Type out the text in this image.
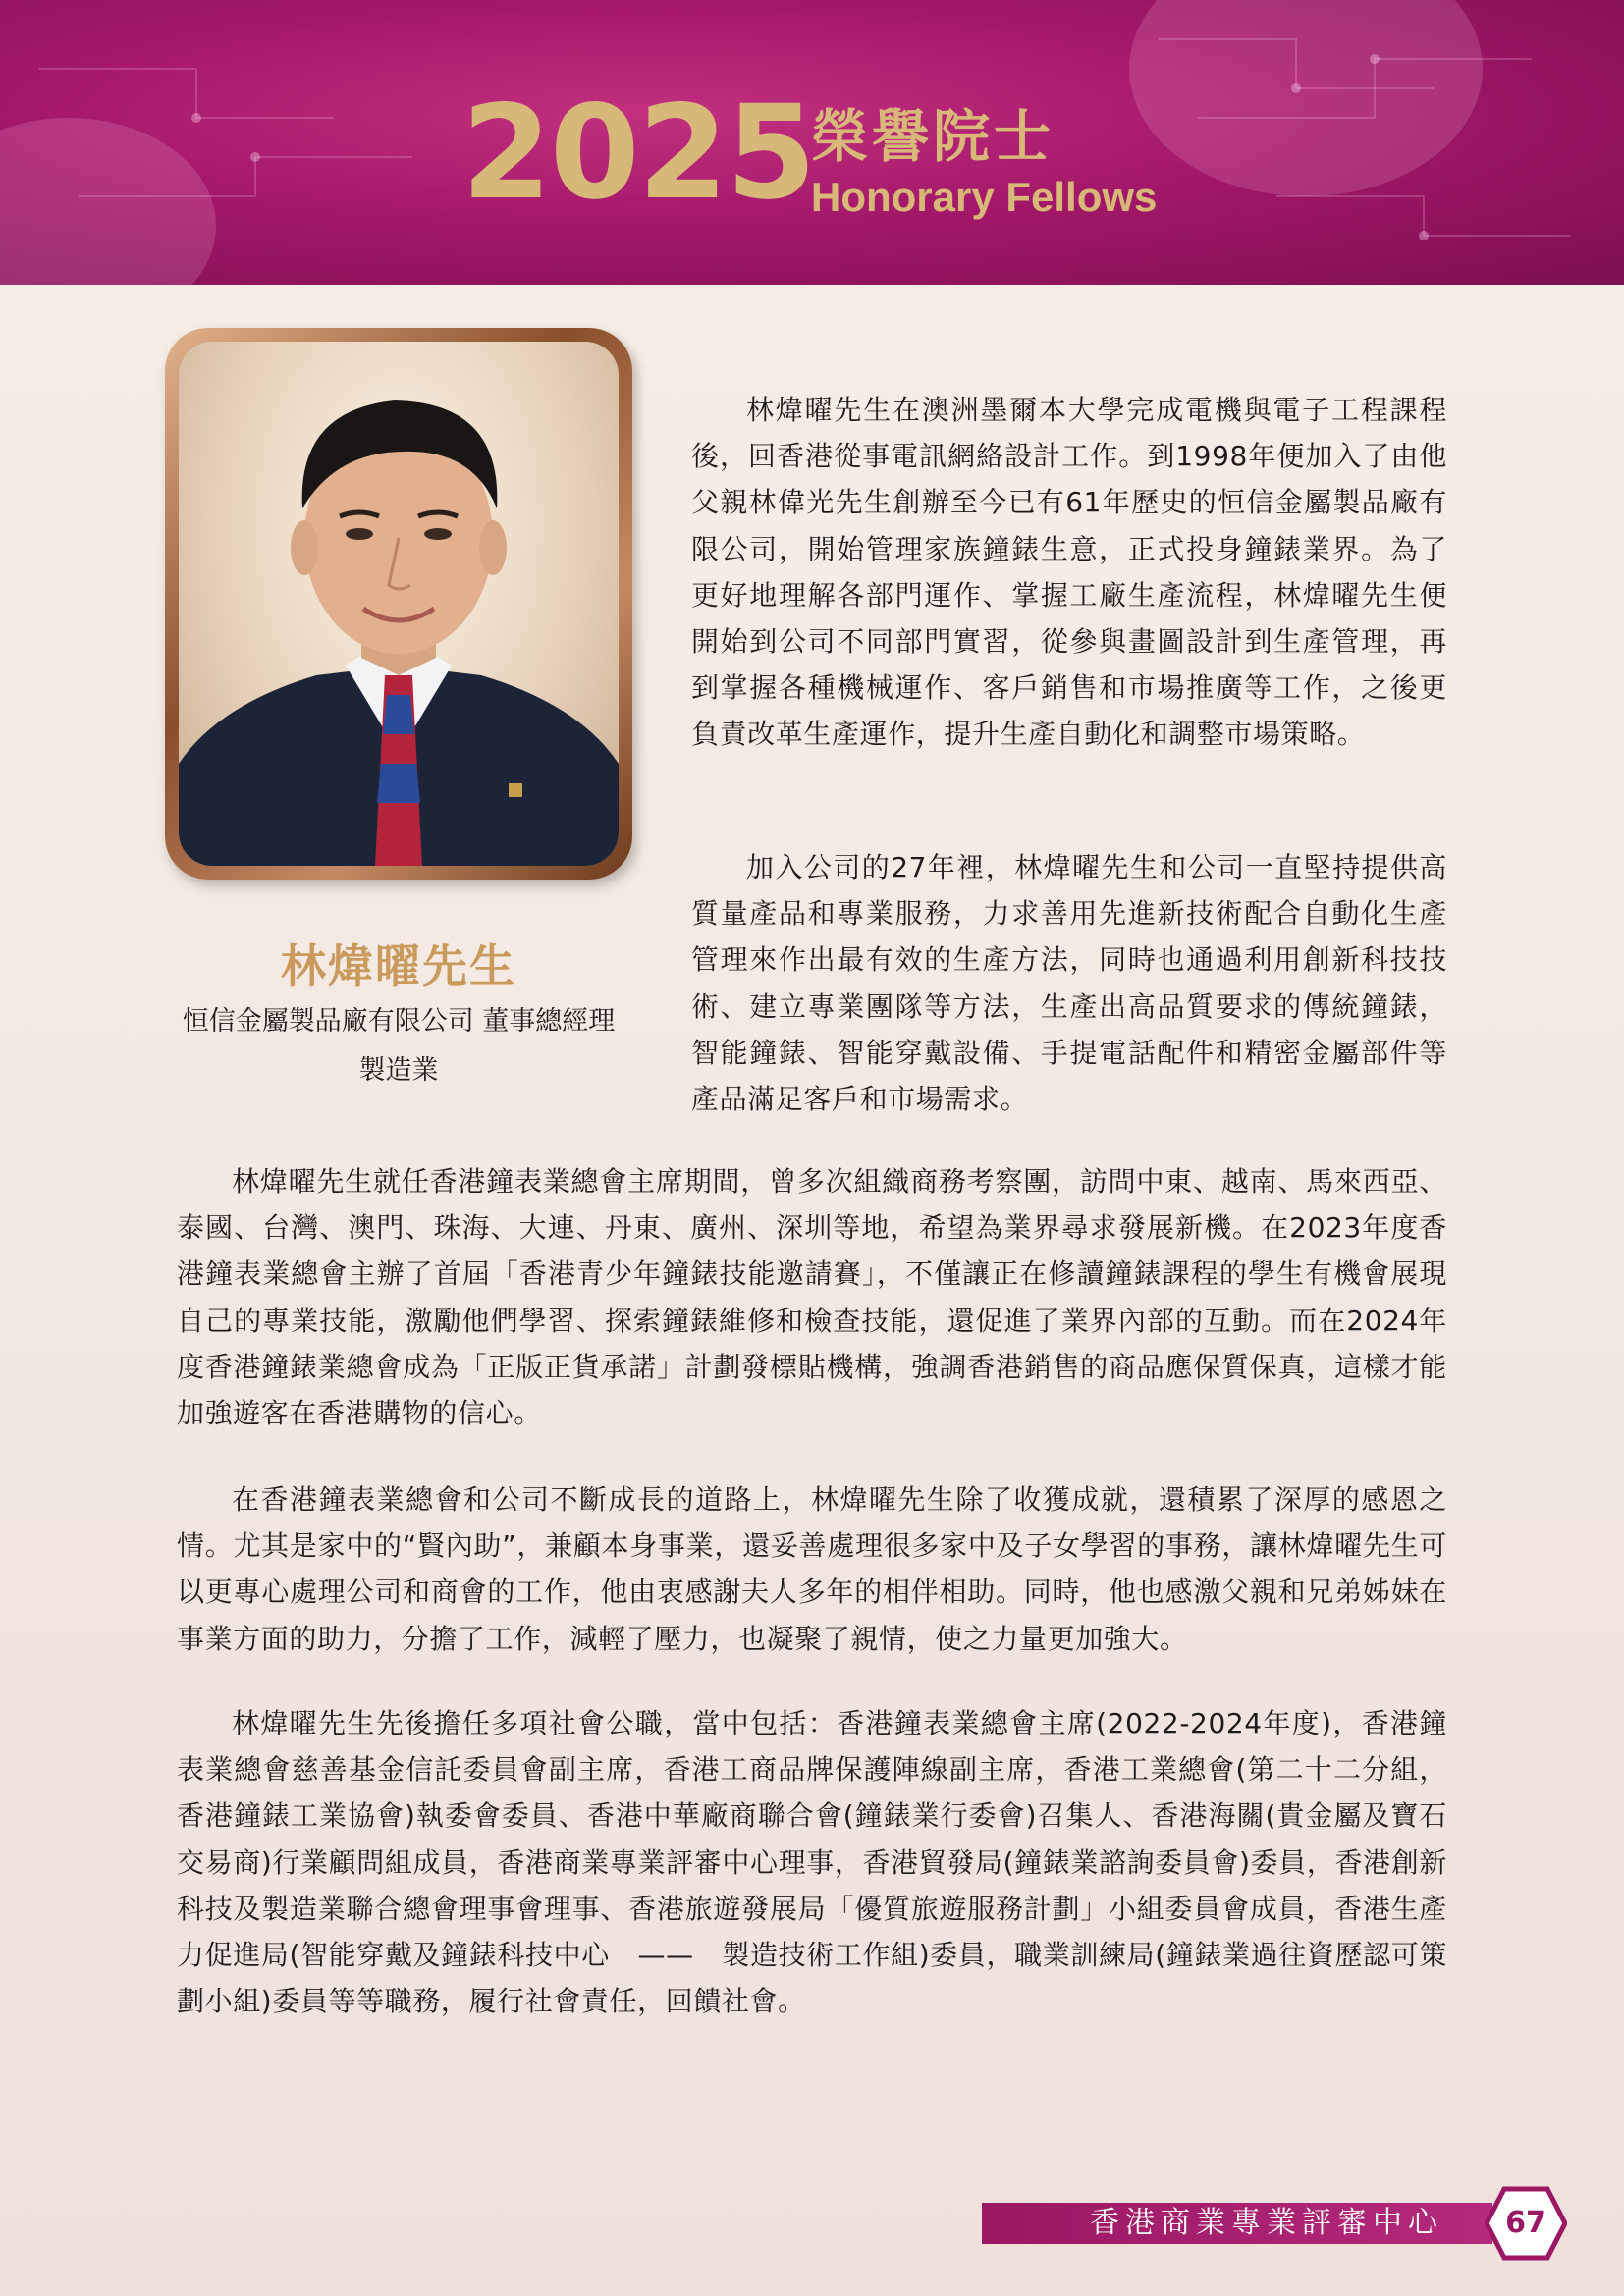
2025
榮譽院士
Honorary Fellows
林煒曜先生
恒信金屬製品廠有限公司 董事總經理
製造業

林煒曜先生在澳洲墨爾本大學完成電機與電子工程課程後，回香港從事電訊網絡設計工作。到1998年便加入了由他父親林偉光先生創辦至今已有61年歷史的恒信金屬製品廠有限公司，開始管理家族鐘錶生意，正式投身鐘錶業界。為了更好地理解各部門運作、掌握工廠生產流程，林煒曜先生便開始到公司不同部門實習，從參與畫圖設計到生產管理，再到掌握各種機械運作、客戶銷售和市場推廣等工作，之後更負責改革生產運作，提升生產自動化和調整市場策略。

加入公司的27年裡，林煒曜先生和公司一直堅持提供高質量產品和專業服務，力求善用先進新技術配合自動化生產管理來作出最有效的生產方法，同時也通過利用創新科技技術、建立專業團隊等方法，生產出高品質要求的傳統鐘錶，智能鐘錶、智能穿戴設備、手提電話配件和精密金屬部件等產品滿足客戶和市場需求。

林煒曜先生就任香港鐘表業總會主席期間，曾多次組織商務考察團，訪問中東、越南、馬來西亞、泰國、台灣、澳門、珠海、大連、丹東、廣州、深圳等地，希望為業界尋求發展新機。在2023年度香港鐘表業總會主辦了首屆「香港青少年鐘錶技能邀請賽」，不僅讓正在修讀鐘錶課程的學生有機會展現自己的專業技能，激勵他們學習、探索鐘錶維修和檢查技能，還促進了業界內部的互動。而在2024年度香港鐘錶業總會成為「正版正貨承諾」計劃發標貼機構，強調香港銷售的商品應保質保真，這樣才能加強遊客在香港購物的信心。

在香港鐘表業總會和公司不斷成長的道路上，林煒曜先生除了收獲成就，還積累了深厚的感恩之情。尤其是家中的“賢內助”，兼顧本身事業，還妥善處理很多家中及子女學習的事務，讓林煒曜先生可以更專心處理公司和商會的工作，他由衷感謝夫人多年的相伴相助。同時，他也感激父親和兄弟姊妹在事業方面的助力，分擔了工作，減輕了壓力，也凝聚了親情，使之力量更加強大。

林煒曜先生先後擔任多項社會公職，當中包括：香港鐘表業總會主席(2022-2024年度)，香港鐘表業總會慈善基金信託委員會副主席，香港工商品牌保護陣線副主席，香港工業總會(第二十二分組，香港鐘錶工業協會)執委會委員、香港中華廠商聯合會(鐘錶業行委會)召集人、香港海關(貴金屬及寶石交易商)行業顧問組成員，香港商業專業評審中心理事，香港貿發局(鐘錶業諮詢委員會)委員，香港創新科技及製造業聯合總會理事會理事、香港旅遊發展局「優質旅遊服務計劃」小組委員會成員，香港生產力促進局(智能穿戴及鐘錶科技中心　——　製造技術工作組)委員，職業訓練局(鐘錶業過往資歷認可策劃小組)委員等等職務，履行社會責任，回饋社會。

香港商業專業評審中心	67
